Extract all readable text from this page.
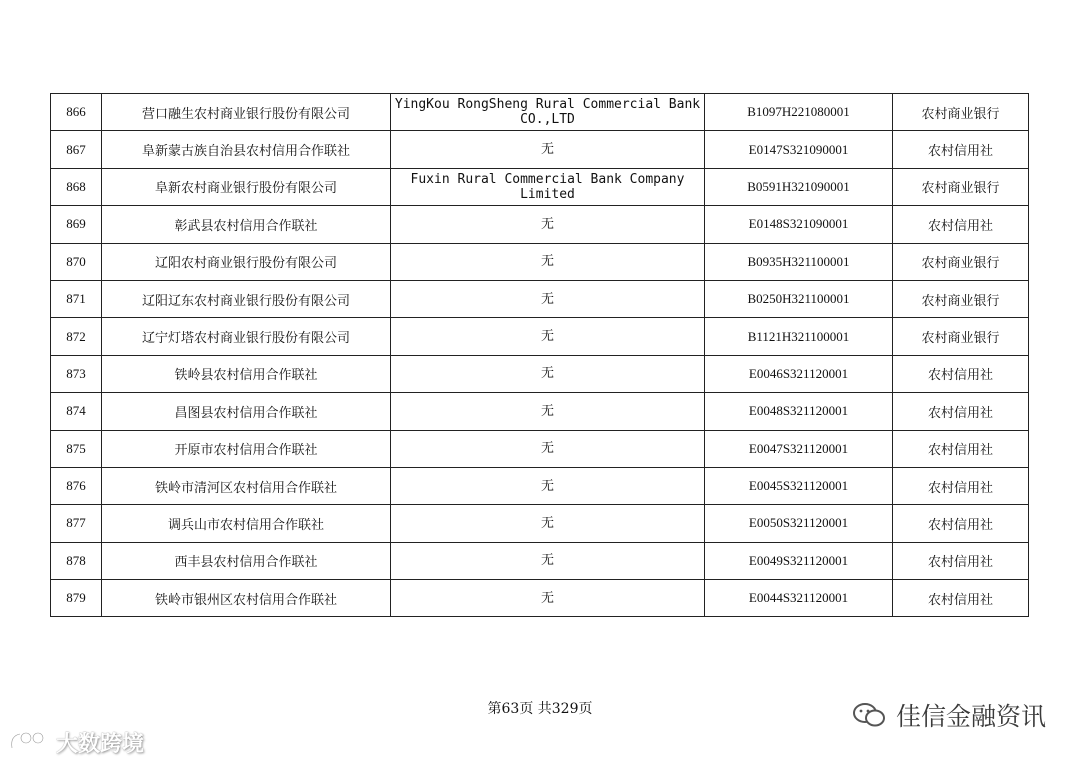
866	营口融生农村商业银行股份有限公司	YingKou RongSheng Rural Commercial Bank CO.,LTD	B1097H221080001	农村商业银行
867	阜新蒙古族自治县农村信用合作联社	无	E0147S321090001	农村信用社
868	阜新农村商业银行股份有限公司	Fuxin Rural Commercial Bank Company Limited	B0591H321090001	农村商业银行
869	彰武县农村信用合作联社	无	E0148S321090001	农村信用社
870	辽阳农村商业银行股份有限公司	无	B0935H321100001	农村商业银行
871	辽阳辽东农村商业银行股份有限公司	无	B0250H321100001	农村商业银行
872	辽宁灯塔农村商业银行股份有限公司	无	B1121H321100001	农村商业银行
873	铁岭县农村信用合作联社	无	E0046S321120001	农村信用社
874	昌图县农村信用合作联社	无	E0048S321120001	农村信用社
875	开原市农村信用合作联社	无	E0047S321120001	农村信用社
876	铁岭市清河区农村信用合作联社	无	E0045S321120001	农村信用社
877	调兵山市农村信用合作联社	无	E0050S321120001	农村信用社
878	西丰县农村信用合作联社	无	E0049S321120001	农村信用社
879	铁岭市银州区农村信用合作联社	无	E0044S321120001	农村信用社
第63页 共329页	佳信金融资讯
大数跨境
